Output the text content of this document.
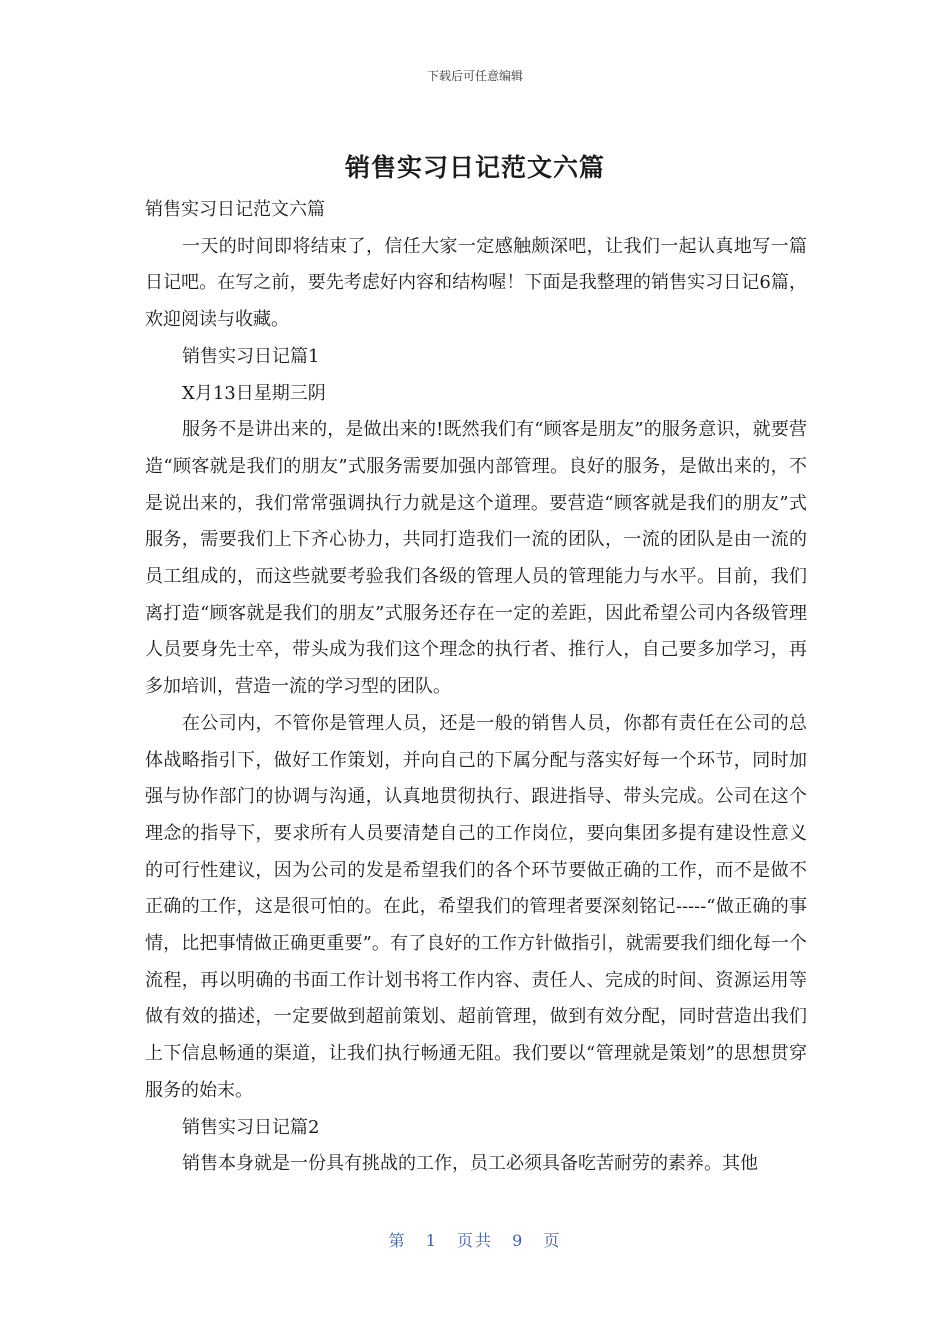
下载后可任意编辑
销售实习日记范文六篇

销售实习日记范文六篇

一天的时间即将结束了，信任大家一定感触颇深吧，让我们一起认真地写一篇日记吧。在写之前，要先考虑好内容和结构喔！下面是我整理的销售实习日记6篇，欢迎阅读与收藏。

销售实习日记篇1

X月13日星期三阴

服务不是讲出来的，是做出来的!既然我们有“顾客是朋友”的服务意识，就要营造“顾客就是我们的朋友”式服务需要加强内部管理。良好的服务，是做出来的，不是说出来的，我们常常强调执行力就是这个道理。要营造“顾客就是我们的朋友”式服务，需要我们上下齐心协力，共同打造我们一流的团队，一流的团队是由一流的员工组成的，而这些就要考验我们各级的管理人员的管理能力与水平。目前，我们离打造“顾客就是我们的朋友”式服务还存在一定的差距，因此希望公司内各级管理人员要身先士卒，带头成为我们这个理念的执行者、推行人，自己要多加学习，再多加培训，营造一流的学习型的团队。

在公司内，不管你是管理人员，还是一般的销售人员，你都有责任在公司的总体战略指引下，做好工作策划，并向自己的下属分配与落实好每一个环节，同时加强与协作部门的协调与沟通，认真地贯彻执行、跟进指导、带头完成。公司在这个理念的指导下，要求所有人员要清楚自己的工作岗位，要向集团多提有建设性意义的可行性建议，因为公司的发是希望我们的各个环节要做正确的工作，而不是做不正确的工作，这是很可怕的。在此，希望我们的管理者要深刻铭记-----“做正确的事情，比把事情做正确更重要”。有了良好的工作方针做指引，就需要我们细化每一个流程，再以明确的书面工作计划书将工作内容、责任人、完成的时间、资源运用等做有效的描述，一定要做到超前策划、超前管理，做到有效分配，同时营造出我们上下信息畅通的渠道，让我们执行畅通无阻。我们要以“管理就是策划”的思想贯穿服务的始末。

销售实习日记篇2

销售本身就是一份具有挑战的工作，员工必须具备吃苦耐劳的素养。其他

第 1 页共 9 页
